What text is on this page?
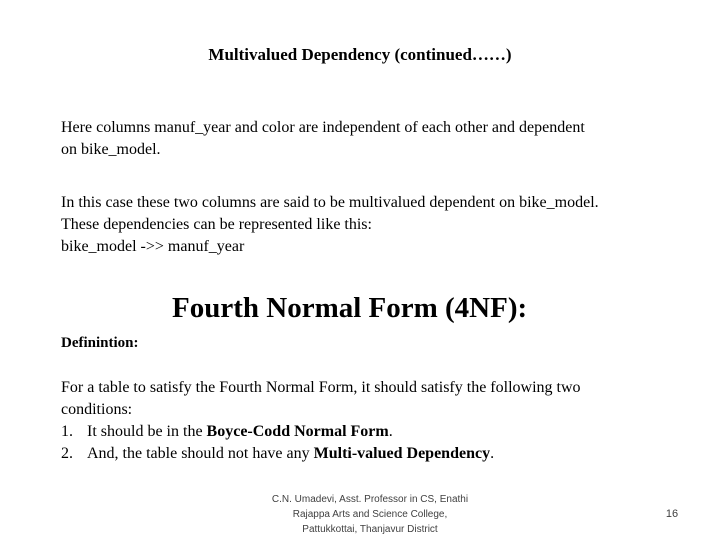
Multivalued Dependency (continued……)
Here columns manuf_year and color are independent of each other and dependent
on bike_model.
In this case these two columns are said to be multivalued dependent on bike_model.
These dependencies can be represented like this:
bike_model ->> manuf_year
Fourth Normal Form (4NF):
Definintion:
For a table to satisfy the Fourth Normal Form, it should satisfy the following two
conditions:
1. It should be in the Boyce-Codd Normal Form.
2. And, the table should not have any Multi-valued Dependency.
C.N. Umadevi, Asst. Professor in CS, Enathi
Rajappa Arts and Science College,
Pattukkottai, Thanjavur District
16
